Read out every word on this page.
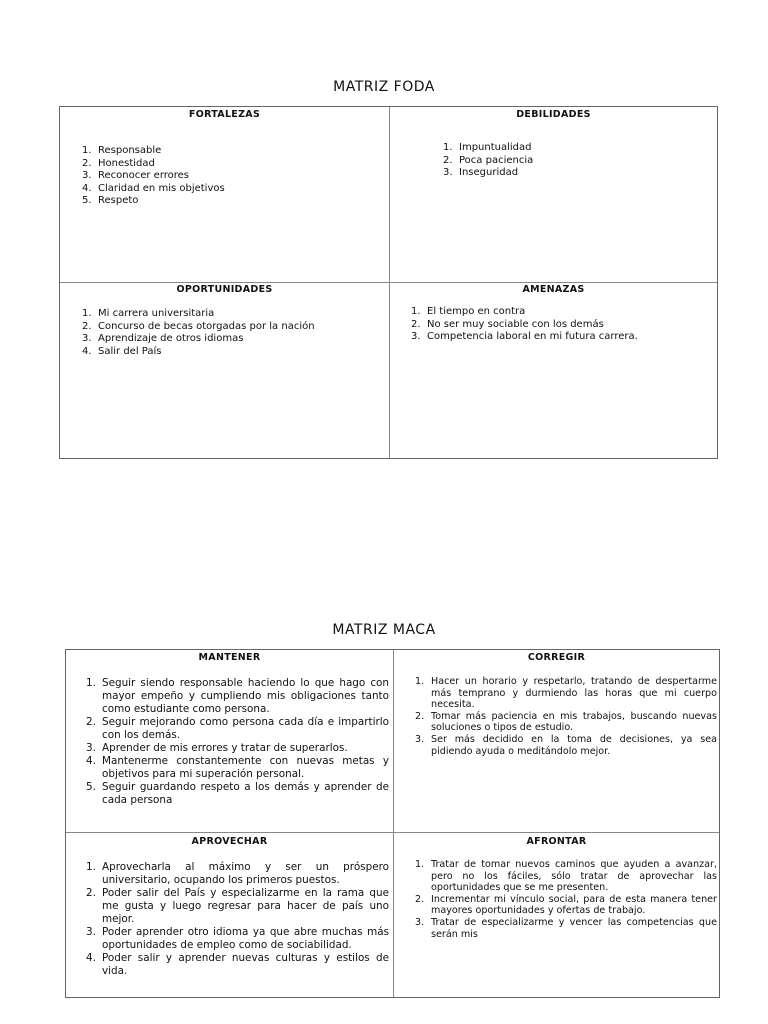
MATRIZ FODA
FORTALEZAS
1. Responsable
2. Honestidad
3. Reconocer errores
4. Claridad en mis objetivos
5. Respeto
DEBILIDADES
1. Impuntualidad
2. Poca paciencia
3. Inseguridad
OPORTUNIDADES
1. Mi carrera universitaria
2. Concurso de becas otorgadas por la nación
3. Aprendizaje de otros idiomas
4. Salir del País
AMENAZAS
1. El tiempo en contra
2. No ser muy sociable con los demás
3. Competencia laboral en mi futura carrera.
MATRIZ MACA
MANTENER
1. Seguir siendo responsable haciendo lo que hago con mayor empeño y cumpliendo mis obligaciones tanto como estudiante como persona.
2. Seguir mejorando como persona cada día e impartirlo con los demás.
3. Aprender de mis errores y tratar de superarlos.
4. Mantenerme constantemente con nuevas metas y objetivos para mi superación personal.
5. Seguir guardando respeto a los demás y aprender de cada persona
CORREGIR
1. Hacer un horario y respetarlo, tratando de despertarme más temprano y durmiendo las horas que mi cuerpo necesita.
2. Tomar más paciencia en mis trabajos, buscando nuevas soluciones o tipos de estudio.
3. Ser más decidido en la toma de decisiones, ya sea pidiendo ayuda o meditándolo mejor.
APROVECHAR
1. Aprovecharla al máximo y ser un próspero universitario, ocupando los primeros puestos.
2. Poder salir del País y especializarme en la rama que me gusta y luego regresar para hacer de país uno mejor.
3. Poder aprender otro idioma ya que abre muchas más oportunidades de empleo como de sociabilidad.
4. Poder salir y aprender nuevas culturas y estilos de vida.
AFRONTAR
1. Tratar de tomar nuevos caminos que ayuden a avanzar, pero no los fáciles, sólo tratar de aprovechar las oportunidades que se me presenten.
2. Incrementar mi vínculo social, para de esta manera tener mayores oportunidades y ofertas de trabajo.
3. Tratar de especializarme y vencer las competencias que serán mis
